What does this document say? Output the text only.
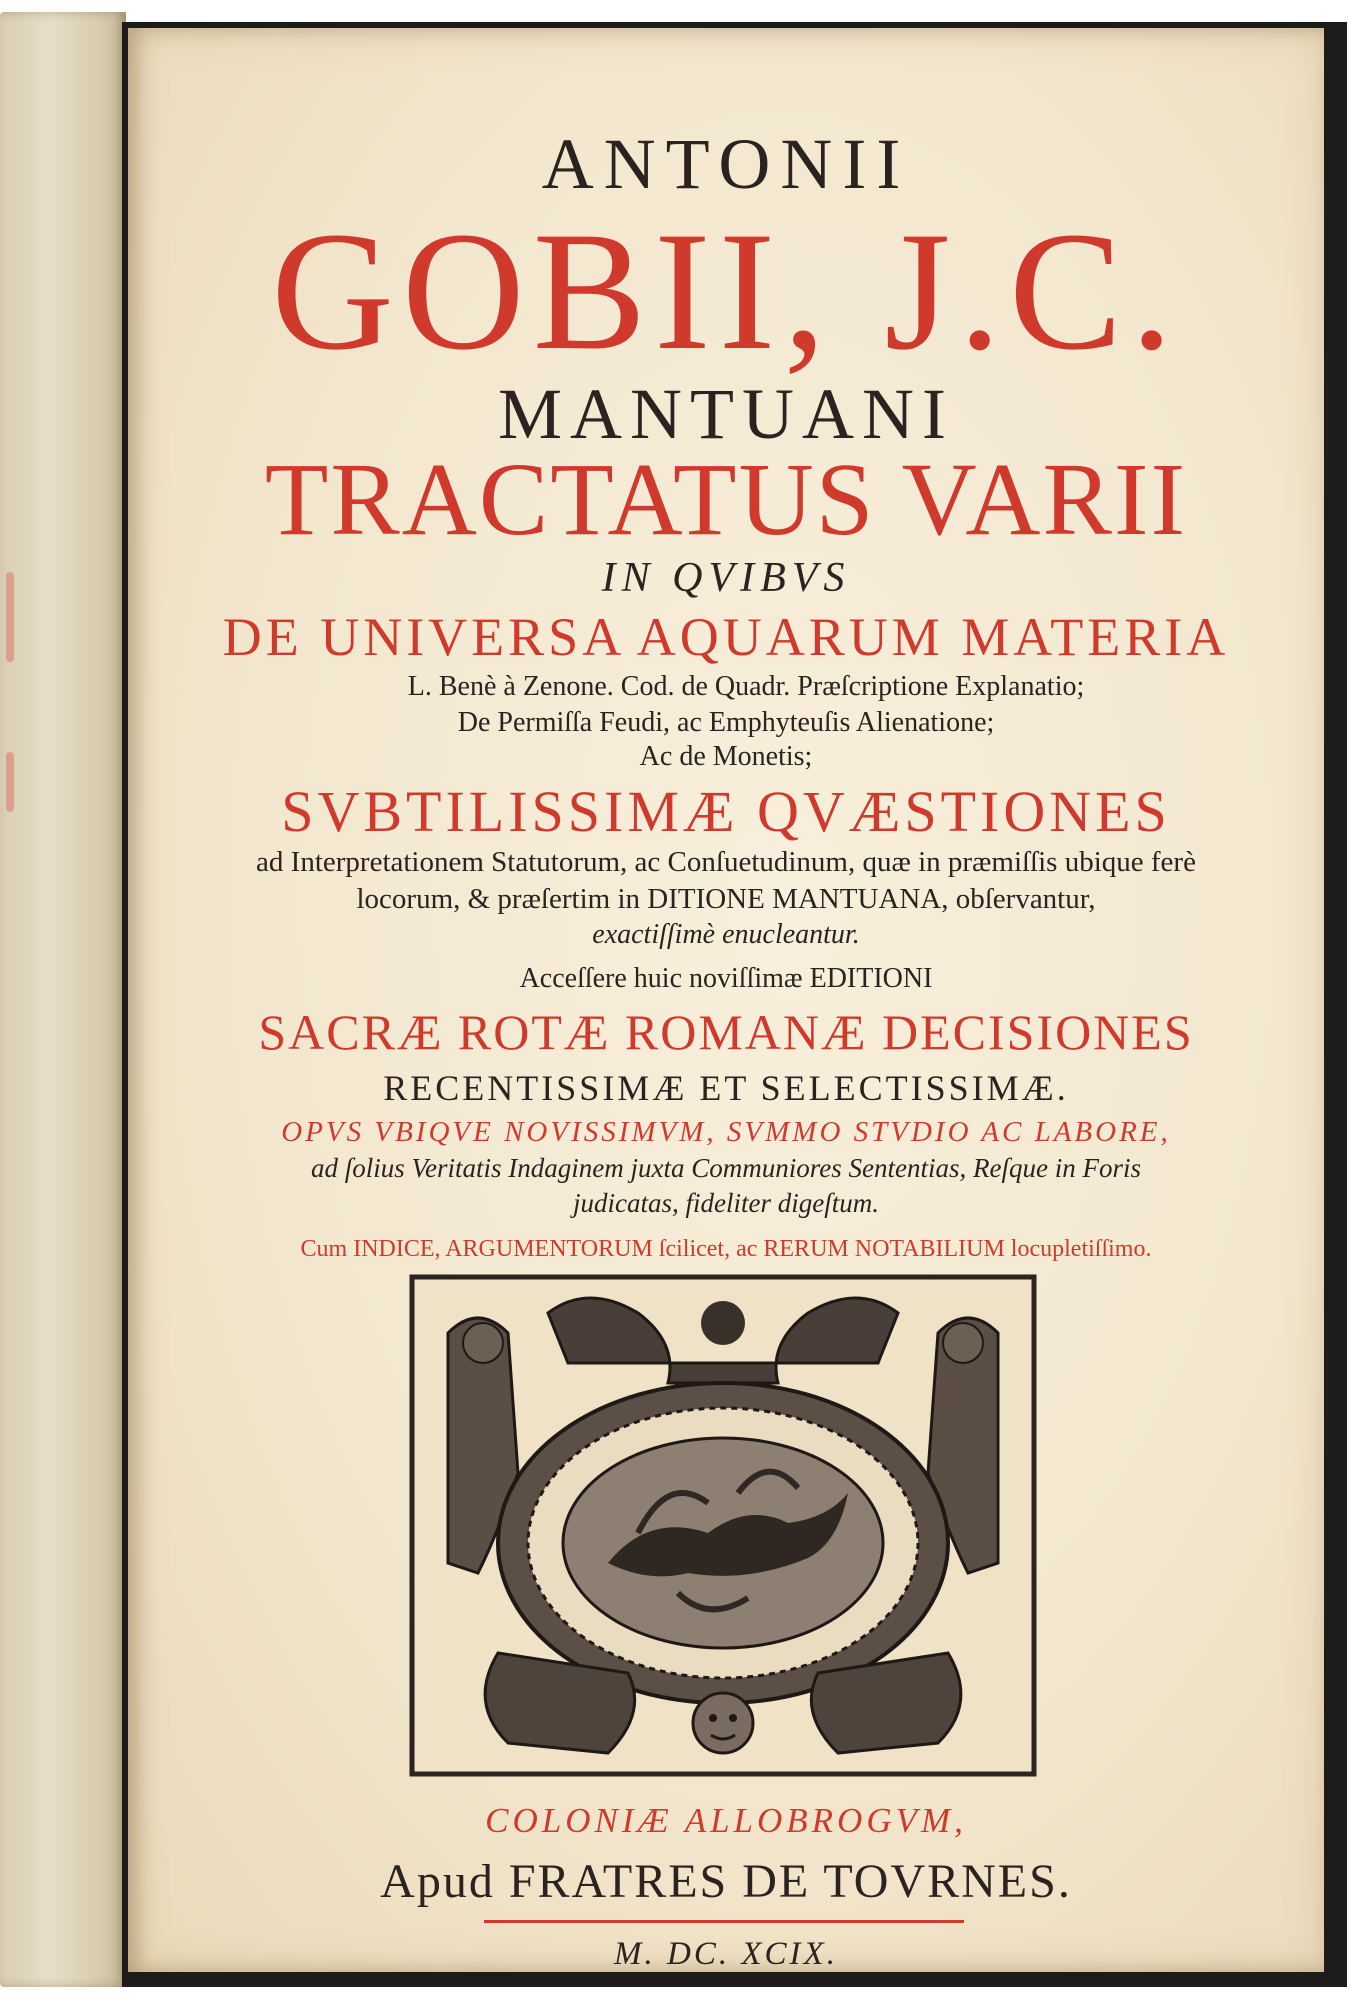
ANTONII
GOBII, J.C.
MANTUANI
TRACTATUS VARII
IN QVIBVS
DE UNIVERSA AQUARUM MATERIA
L. Benè à Zenone. Cod. de Quadr. Præſcriptione Explanatio;
De Permiſſa Feudi, ac Emphyteuſis Alienatione;
Ac de Monetis;
SVBTILISSIMÆ QVÆSTIONES
ad Interpretationem Statutorum, ac Conſuetudinum, quæ in præmiſſis ubique ferè
locorum, & præſertim in DITIONE MANTUANA, obſervantur,
exactiſſimè enucleantur.
Acceſſere huic noviſſimæ EDITIONI
SACRÆ ROTÆ ROMANÆ DECISIONES
RECENTISSIMÆ ET SELECTISSIMÆ.
OPVS VBIQVE NOVISSIMVM, SVMMO STVDIO AC LABORE,
ad ſolius Veritatis Indaginem juxta Communiores Sententias, Reſque in Foris
judicatas, fideliter digeſtum.
Cum INDICE, ARGUMENTORUM ſcilicet, ac RERUM NOTABILIUM locupletiſſimo.
COLONIÆ ALLOBROGVM,
Apud FRATRES DE TOVRNES.
M. DC. XCIX.
